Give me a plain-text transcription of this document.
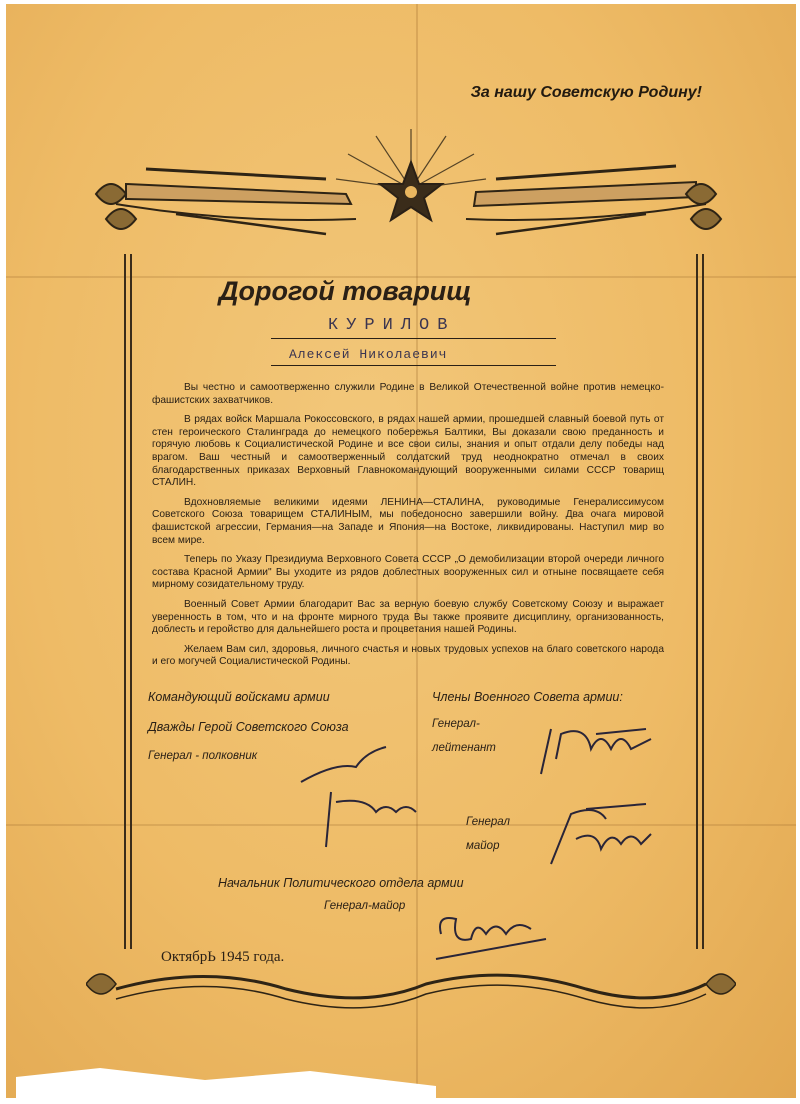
За нашу Советскую Родину!
Дорогой товарищ
КУРИЛОВ
Алексей Николаевич

Вы честно и самоотверженно служили Родине в Великой Отечественной войне против немецко-фашистских захватчиков.

В рядах войск Маршала Рокоссовского, в рядах нашей армии, прошедшей славный боевой путь от стен героического Сталинграда до немецкого побережья Балтики, Вы доказали свою преданность и горячую любовь к Социалистической Родине и все свои силы, знания и опыт отдали делу победы над врагом. Ваш честный и самоотверженный солдатский труд неоднократно отмечал в своих благодарственных приказах Верховный Главнокомандующий вооруженными силами СССР товарищ СТАЛИН.

Вдохновляемые великими идеями ЛЕНИНА—СТАЛИНА, руководимые Генералиссимусом Советского Союза товарищем СТАЛИНЫМ, мы победоносно завершили войну. Два очага мировой фашистской агрессии, Германия—на Западе и Япония—на Востоке, ликвидированы. Наступил мир во всем мире.

Теперь по Указу Президиума Верховного Совета СССР „О демобилизации второй очереди личного состава Красной Армии" Вы уходите из рядов доблестных вооруженных сил и отныне посвящаете себя мирному созидательному труду.

Военный Совет Армии благодарит Вас за верную боевую службу Советскому Союзу и выражает уверенность в том, что и на фронте мирного труда Вы также проявите дисциплину, организованность, доблесть и геройство для дальнейшего роста и процветания нашей Родины.

Желаем Вам сил, здоровья, личного счастья и новых трудовых успехов на благо советского народа и его могучей Социалистической Родины.

Командующий войсками армии
Дважды Герой Советского Союза
Генерал - полковник
Члены Военного Совета армии:
Генерал-
лейтенант
Генерал
майор
Начальник Политического отдела армии
Генерал-майор
ОктябрЬ 1945 года.
